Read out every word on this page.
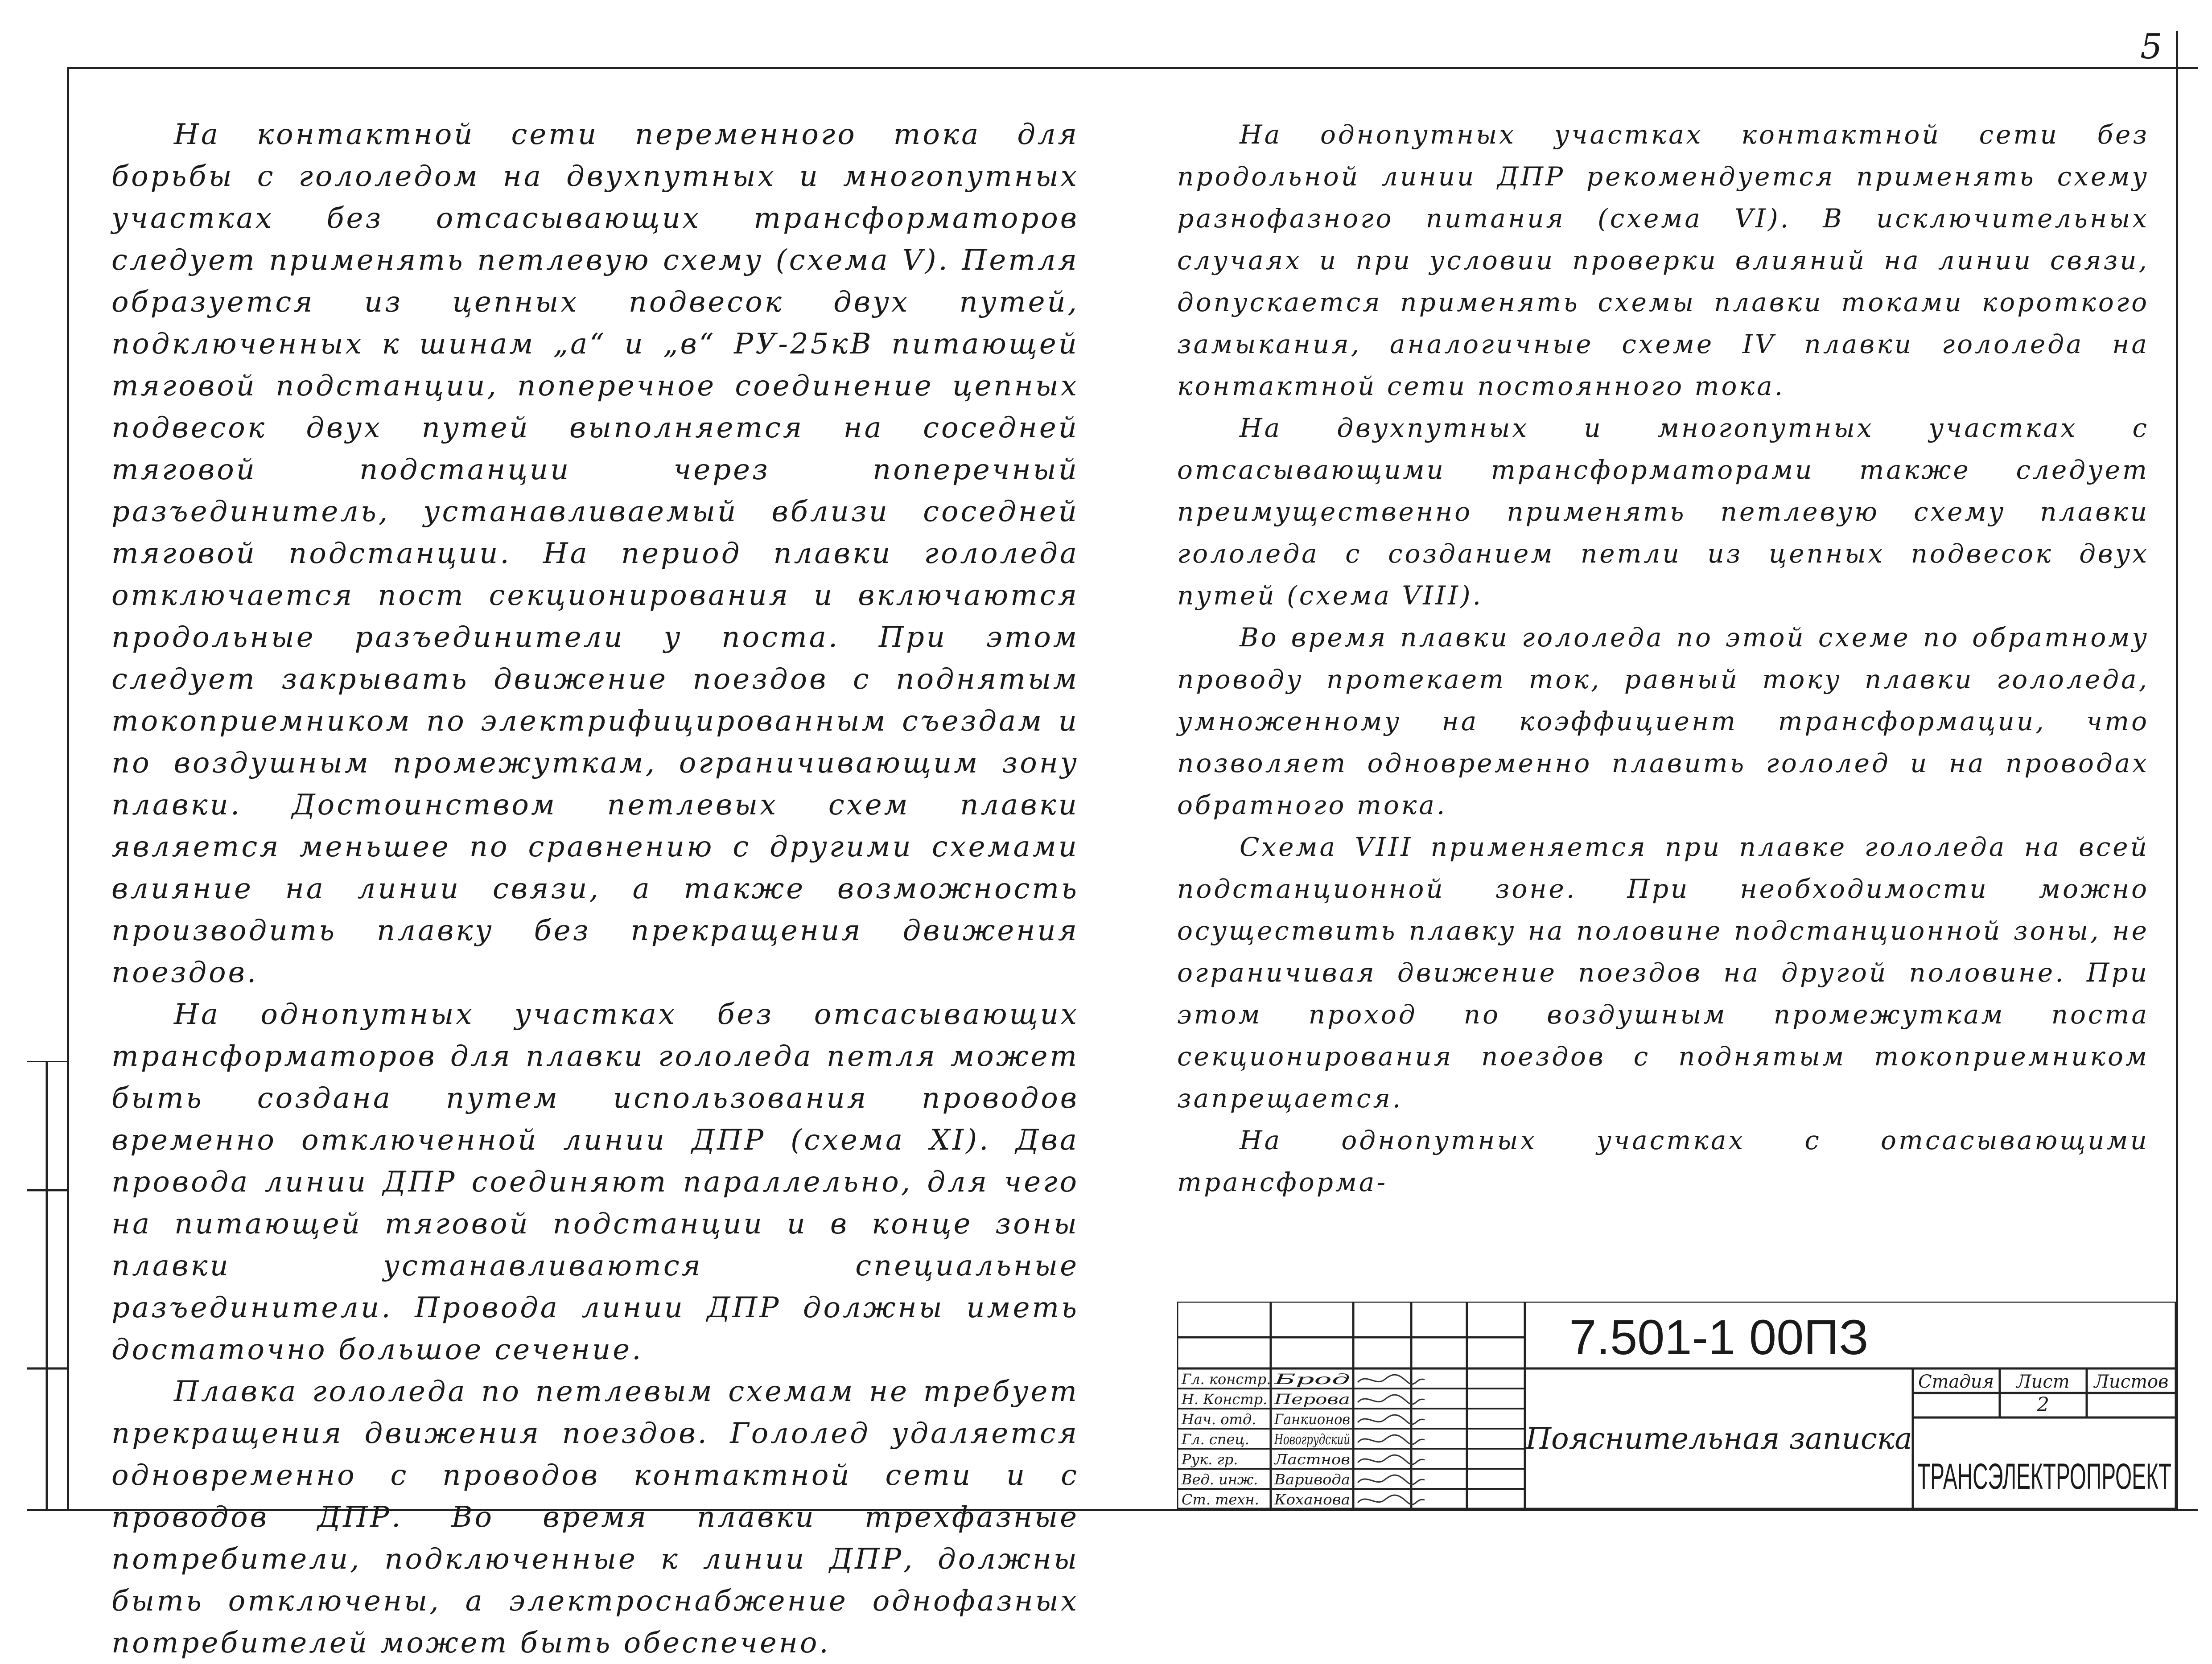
5

На контактной сети переменного тока для борьбы с гололедом на двухпутных и многопутных участках без отсасывающих трансформаторов следует применять петлевую схему (схема V). Петля образуется из цепных подвесок двух путей, подключенных к шинам „а“ и „в“ РУ-25кВ питающей тяговой подстанции, поперечное соединение цепных подвесок двух путей выполняется на соседней тяговой подстанции через поперечный разъединитель, устанавливаемый вблизи соседней тяговой подстанции. На период плавки гололеда отключается пост секционирования и включаются продольные разъединители у поста. При этом следует закрывать движение поездов с поднятым токоприемником по электрифицированным съездам и по воздушным промежуткам, ограничивающим зону плавки. Достоинством петлевых схем плавки является меньшее по сравнению с другими схемами влияние на линии связи, а также возможность производить плавку без прекращения движения поездов.

На однопутных участках без отсасывающих трансформаторов для плавки гололеда петля может быть создана путем использования проводов временно отключенной линии ДПР (схема XI). Два провода линии ДПР соединяют параллельно, для чего на питающей тяговой подстанции и в конце зоны плавки устанавливаются специальные разъединители. Провода линии ДПР должны иметь достаточно большое сечение.

Плавка гололеда по петлевым схемам не требует прекращения движения поездов. Гололед удаляется одновременно с проводов контактной сети и с проводов ДПР. Во время плавки трехфазные потребители, подключенные к линии ДПР, должны быть отключены, а электроснабжение однофазных потребителей может быть обеспечено.

На однопутных участках контактной сети без продольной линии ДПР рекомендуется применять схему разнофазного питания (схема VI). В исключительных случаях и при условии проверки влияний на линии связи, допускается применять схемы плавки токами короткого замыкания, аналогичные схеме IV плавки гололеда на контактной сети постоянного тока.

На двухпутных и многопутных участках с отсасывающими трансформаторами также следует преимущественно применять петлевую схему плавки гололеда с созданием петли из цепных подвесок двух путей (схема VIII).

Во время плавки гололеда по этой схеме по обратному проводу протекает ток, равный току плавки гололеда, умноженному на коэффициент трансформации, что позволяет одновременно плавить гололед и на проводах обратного тока.

Схема VIII применяется при плавке гололеда на всей подстанционной зоне. При необходимости можно осуществить плавку на половине подстанционной зоны, не ограничивая движение поездов на другой половине. При этом проход по воздушным промежуткам поста секционирования поездов с поднятым токоприемником запрещается.

На однопутных участках с отсасывающими трансформа-

Гл. констр. Брод
Н. Констр. Перова
Нач. отд. Ганкионов
Гл. спец. Новогрудский
Рук. гр. Ластнов
Вед. инж. Варивода
Ст. техн. Коханова
7.501-1 00ПЗ
Пояснительная записка
Стадия Лист Листов
2
ТРАНСЭЛЕКТРОПРОЕКТ
